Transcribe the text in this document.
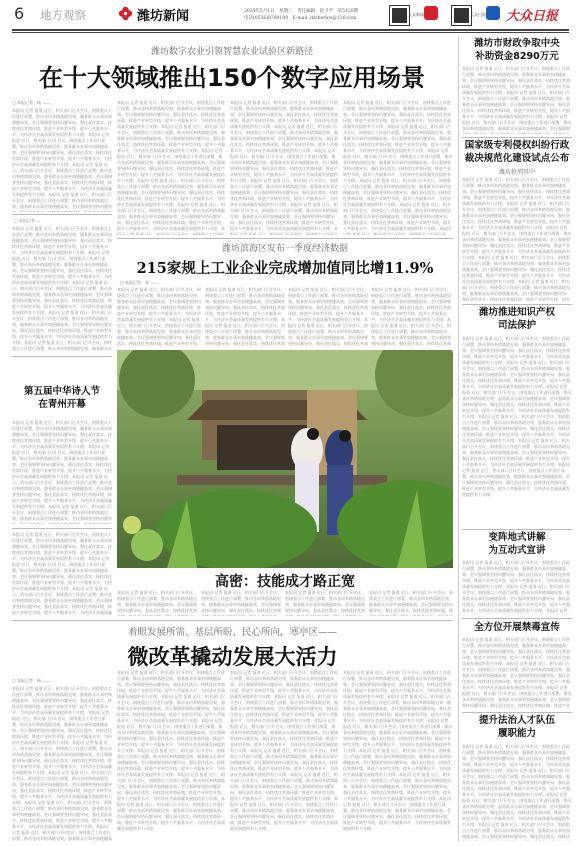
6 地方观察	潍坊新闻	2024年5月1日　星期三　责任编辑　赵卫平　第5120期
电话(0536)8789199　E-mail: dzrbwfxw@126.com
大众新闻	大众日报 大众日报
潍坊数字农业引领智慧农业试验区新路径
在十大领域推出150个数字应用场景
□ 本报记者　杨 ——
本报讯 记者 报道 近日，相关部门召开会议，围绕重点工作进行部署，推动各项举措落地见效，服务群众办事更加便捷高效。会议强调要坚持问题导向，强化责任落实，持续优化营商环境，推进产业转型升级，提升公共服务水平，为经济社会高质量发展提供有力支撑。本报讯 记者 报道 近日，相关部门召开会议，围绕重点工作进行部署，推动各项举措落地见效，服务群众办事更加便捷高效。会议强调要坚持问题导向，强化责任落实，持续优化营商环境，推进产业转型升级，提升公共服务水平，为经济社会高质量发展提供有力支撑。本报讯 记者 报道 近日，相关部门召开会议，围绕重点工作进行部署，推动各项举措落地见效，服务群众办事更加便捷高效。会议强调要坚持问题导向，强化责任落实，持续优化营商环境，推进产业转型升级，提升公共服务水平，为经济社会高质量发展提供有力支撑。本报讯 记者 报道 近日，相关部门召开会议，围绕重点工作进行部署，推动各项举措落地见效，服务群众办事更加便捷高效。会议强调要坚持问题导向，强化责任落实，持续优化营商环境，推进产业转型升级，提升公共服务水平，为经济社会高质量发展提供有力支撑。本报讯 记者 报道 近日，相关部门召开会议，围绕重点工作进行部署，推动各项举措落地见效，服务群众办事更加便捷高效。会议强调要坚持问题导向，强化责任落实，持续优化营商环境，推进产业转型升级，提升公共服务水平，为经济社会高质量发展提供有力支撑。本报讯 记者 报道 近日，相关部门召开会议，围绕重点工作进行部署，推动各项举措落地见效，服务群众办事更加便捷高效。会议强调要坚持问题导向，强化责任落实，持续优化营商环境，推进产业转型升级，提升公共服务水平，为经济社会高质量发展提供有力支撑。
本报讯 记者 报道 近日，相关部门召开会议，围绕重点工作进行部署，推动各项举措落地见效，服务群众办事更加便捷高效。会议强调要坚持问题导向，强化责任落实，持续优化营商环境，推进产业转型升级，提升公共服务水平，为经济社会高质量发展提供有力支撑。本报讯 记者 报道 近日，相关部门召开会议，围绕重点工作进行部署，推动各项举措落地见效，服务群众办事更加便捷高效。会议强调要坚持问题导向，强化责任落实，持续优化营商环境，推进产业转型升级，提升公共服务水平，为经济社会高质量发展提供有力支撑。本报讯 记者 报道 近日，相关部门召开会议，围绕重点工作进行部署，推动各项举措落地见效，服务群众办事更加便捷高效。会议强调要坚持问题导向，强化责任落实，持续优化营商环境，推进产业转型升级，提升公共服务水平，为经济社会高质量发展提供有力支撑。本报讯 记者 报道 近日，相关部门召开会议，围绕重点工作进行部署，推动各项举措落地见效，服务群众办事更加便捷高效。会议强调要坚持问题导向，强化责任落实，持续优化营商环境，推进产业转型升级，提升公共服务水平，为经济社会高质量发展提供有力支撑。本报讯 记者 报道 近日，相关部门召开会议，围绕重点工作进行部署，推动各项举措落地见效，服务群众办事更加便捷高效。会议强调要坚持问题导向，强化责任落实，持续优化营商环境，推进产业转型升级，提升公共服务水平，为经济社会高质量发展提供有力支撑。本报讯 记者 报道 近日，相关部门召开会议，围绕重点工作进行部署，推动各项举措落地见效，服务群众办事更加便捷高效。会议强调要坚持问题导向，强化责任落实，持续优化营商环境，推进产业转型升级，提升公共服务水平，为经济社会高质量发展提供有力支撑。
本报讯 记者 报道 近日，相关部门召开会议，围绕重点工作进行部署，推动各项举措落地见效，服务群众办事更加便捷高效。会议强调要坚持问题导向，强化责任落实，持续优化营商环境，推进产业转型升级，提升公共服务水平，为经济社会高质量发展提供有力支撑。本报讯 记者 报道 近日，相关部门召开会议，围绕重点工作进行部署，推动各项举措落地见效，服务群众办事更加便捷高效。会议强调要坚持问题导向，强化责任落实，持续优化营商环境，推进产业转型升级，提升公共服务水平，为经济社会高质量发展提供有力支撑。本报讯 记者 报道 近日，相关部门召开会议，围绕重点工作进行部署，推动各项举措落地见效，服务群众办事更加便捷高效。会议强调要坚持问题导向，强化责任落实，持续优化营商环境，推进产业转型升级，提升公共服务水平，为经济社会高质量发展提供有力支撑。本报讯 记者 报道 近日，相关部门召开会议，围绕重点工作进行部署，推动各项举措落地见效，服务群众办事更加便捷高效。会议强调要坚持问题导向，强化责任落实，持续优化营商环境，推进产业转型升级，提升公共服务水平，为经济社会高质量发展提供有力支撑。本报讯 记者 报道 近日，相关部门召开会议，围绕重点工作进行部署，推动各项举措落地见效，服务群众办事更加便捷高效。会议强调要坚持问题导向，强化责任落实，持续优化营商环境，推进产业转型升级，提升公共服务水平，为经济社会高质量发展提供有力支撑。本报讯 记者 报道 近日，相关部门召开会议，围绕重点工作进行部署，推动各项举措落地见效，服务群众办事更加便捷高效。会议强调要坚持问题导向，强化责任落实，持续优化营商环境，推进产业转型升级，提升公共服务水平，为经济社会高质量发展提供有力支撑。
本报讯 记者 报道 近日，相关部门召开会议，围绕重点工作进行部署，推动各项举措落地见效，服务群众办事更加便捷高效。会议强调要坚持问题导向，强化责任落实，持续优化营商环境，推进产业转型升级，提升公共服务水平，为经济社会高质量发展提供有力支撑。本报讯 记者 报道 近日，相关部门召开会议，围绕重点工作进行部署，推动各项举措落地见效，服务群众办事更加便捷高效。会议强调要坚持问题导向，强化责任落实，持续优化营商环境，推进产业转型升级，提升公共服务水平，为经济社会高质量发展提供有力支撑。本报讯 记者 报道 近日，相关部门召开会议，围绕重点工作进行部署，推动各项举措落地见效，服务群众办事更加便捷高效。会议强调要坚持问题导向，强化责任落实，持续优化营商环境，推进产业转型升级，提升公共服务水平，为经济社会高质量发展提供有力支撑。本报讯 记者 报道 近日，相关部门召开会议，围绕重点工作进行部署，推动各项举措落地见效，服务群众办事更加便捷高效。会议强调要坚持问题导向，强化责任落实，持续优化营商环境，推进产业转型升级，提升公共服务水平，为经济社会高质量发展提供有力支撑。本报讯 记者 报道 近日，相关部门召开会议，围绕重点工作进行部署，推动各项举措落地见效，服务群众办事更加便捷高效。会议强调要坚持问题导向，强化责任落实，持续优化营商环境，推进产业转型升级，提升公共服务水平，为经济社会高质量发展提供有力支撑。本报讯 记者 报道 近日，相关部门召开会议，围绕重点工作进行部署，推动各项举措落地见效，服务群众办事更加便捷高效。会议强调要坚持问题导向，强化责任落实，持续优化营商环境，推进产业转型升级，提升公共服务水平，为经济社会高质量发展提供有力支撑。
□ 本报记者 —
本报讯 记者 报道 近日，相关部门召开会议，围绕重点工作进行部署，推动各项举措落地见效，服务群众办事更加便捷高效。会议强调要坚持问题导向，强化责任落实，持续优化营商环境，推进产业转型升级，提升公共服务水平，为经济社会高质量发展提供有力支撑。本报讯 记者 报道 近日，相关部门召开会议，围绕重点工作进行部署，推动各项举措落地见效，服务群众办事更加便捷高效。会议强调要坚持问题导向，强化责任落实，持续优化营商环境，推进产业转型升级，提升公共服务水平，为经济社会高质量发展提供有力支撑。本报讯 记者 报道 近日，相关部门召开会议，围绕重点工作进行部署，推动各项举措落地见效，服务群众办事更加便捷高效。会议强调要坚持问题导向，强化责任落实，持续优化营商环境，推进产业转型升级，提升公共服务水平，为经济社会高质量发展提供有力支撑。本报讯 记者 报道 近日，相关部门召开会议，围绕重点工作进行部署，推动各项举措落地见效，服务群众办事更加便捷高效。会议强调要坚持问题导向，强化责任落实，持续优化营商环境，推进产业转型升级，提升公共服务水平，为经济社会高质量发展提供有力支撑。本报讯 记者 报道 近日，相关部门召开会议，围绕重点工作进行部署，推动各项举措落地见效，服务群众办事更加便捷高效。会议强调要坚持问题导向，强化责任落实，持续优化营商环境，推进产业转型升级，提升公共服务水平，为经济社会高质量发展提供有力支撑。本报讯 记者 报道 近日，相关部门召开会议，围绕重点工作进行部署，推动各项举措落地见效，服务群众办事更加便捷高效。会议强调要坚持问题导向，强化责任落实，持续优化营商环境，推进产业转型升级，提升公共服务水平，为经济社会高质量发展提供有力支撑。
潍坊滨海区发布一季度经济数据
215家规上工业企业完成增加值同比增11.9%
□ 本报记者　张 ——
本报讯 记者 报道 近日，相关部门召开会议，围绕重点工作进行部署，推动各项举措落地见效，服务群众办事更加便捷高效。会议强调要坚持问题导向，强化责任落实，持续优化营商环境，推进产业转型升级，提升公共服务水平，为经济社会高质量发展提供有力支撑。本报讯 记者 报道 近日，相关部门召开会议，围绕重点工作进行部署，推动各项举措落地见效，服务群众办事更加便捷高效。会议强调要坚持问题导向，强化责任落实，持续优化营商环境，推进产业转型升级，提升公共服务水平，为经济社会高质量发展提供有力支撑。本报讯 记者 报道 近日，相关部门召开会议，围绕重点工作进行部署，推动各项举措落地见效，服务群众办事更加便捷高效。会议强调要坚持问题导向，强化责任落实，持续优化营商环境，推进产业转型升级，提升公共服务水平，为经济社会高质量发展提供有力支撑。本报讯 记者 报道 近日，相关部门召开会议，围绕重点工作进行部署，推动各项举措落地见效，服务群众办事更加便捷高效。会议强调要坚持问题导向，强化责任落实，持续优化营商环境，推进产业转型升级，提升公共服务水平，为经济社会高质量发展提供有力支撑。本报讯 记者 报道 近日，相关部门召开会议，围绕重点工作进行部署，推动各项举措落地见效，服务群众办事更加便捷高效。会议强调要坚持问题导向，强化责任落实，持续优化营商环境，推进产业转型升级，提升公共服务水平，为经济社会高质量发展提供有力支撑。本报讯 记者 报道 近日，相关部门召开会议，围绕重点工作进行部署，推动各项举措落地见效，服务群众办事更加便捷高效。会议强调要坚持问题导向，强化责任落实，持续优化营商环境，推进产业转型升级，提升公共服务水平，为经济社会高质量发展提供有力支撑。
本报讯 记者 报道 近日，相关部门召开会议，围绕重点工作进行部署，推动各项举措落地见效，服务群众办事更加便捷高效。会议强调要坚持问题导向，强化责任落实，持续优化营商环境，推进产业转型升级，提升公共服务水平，为经济社会高质量发展提供有力支撑。本报讯 记者 报道 近日，相关部门召开会议，围绕重点工作进行部署，推动各项举措落地见效，服务群众办事更加便捷高效。会议强调要坚持问题导向，强化责任落实，持续优化营商环境，推进产业转型升级，提升公共服务水平，为经济社会高质量发展提供有力支撑。本报讯 记者 报道 近日，相关部门召开会议，围绕重点工作进行部署，推动各项举措落地见效，服务群众办事更加便捷高效。会议强调要坚持问题导向，强化责任落实，持续优化营商环境，推进产业转型升级，提升公共服务水平，为经济社会高质量发展提供有力支撑。本报讯 记者 报道 近日，相关部门召开会议，围绕重点工作进行部署，推动各项举措落地见效，服务群众办事更加便捷高效。会议强调要坚持问题导向，强化责任落实，持续优化营商环境，推进产业转型升级，提升公共服务水平，为经济社会高质量发展提供有力支撑。本报讯 记者 报道 近日，相关部门召开会议，围绕重点工作进行部署，推动各项举措落地见效，服务群众办事更加便捷高效。会议强调要坚持问题导向，强化责任落实，持续优化营商环境，推进产业转型升级，提升公共服务水平，为经济社会高质量发展提供有力支撑。本报讯 记者 报道 近日，相关部门召开会议，围绕重点工作进行部署，推动各项举措落地见效，服务群众办事更加便捷高效。会议强调要坚持问题导向，强化责任落实，持续优化营商环境，推进产业转型升级，提升公共服务水平，为经济社会高质量发展提供有力支撑。
本报讯 记者 报道 近日，相关部门召开会议，围绕重点工作进行部署，推动各项举措落地见效，服务群众办事更加便捷高效。会议强调要坚持问题导向，强化责任落实，持续优化营商环境，推进产业转型升级，提升公共服务水平，为经济社会高质量发展提供有力支撑。本报讯 记者 报道 近日，相关部门召开会议，围绕重点工作进行部署，推动各项举措落地见效，服务群众办事更加便捷高效。会议强调要坚持问题导向，强化责任落实，持续优化营商环境，推进产业转型升级，提升公共服务水平，为经济社会高质量发展提供有力支撑。本报讯 记者 报道 近日，相关部门召开会议，围绕重点工作进行部署，推动各项举措落地见效，服务群众办事更加便捷高效。会议强调要坚持问题导向，强化责任落实，持续优化营商环境，推进产业转型升级，提升公共服务水平，为经济社会高质量发展提供有力支撑。本报讯 记者 报道 近日，相关部门召开会议，围绕重点工作进行部署，推动各项举措落地见效，服务群众办事更加便捷高效。会议强调要坚持问题导向，强化责任落实，持续优化营商环境，推进产业转型升级，提升公共服务水平，为经济社会高质量发展提供有力支撑。本报讯 记者 报道 近日，相关部门召开会议，围绕重点工作进行部署，推动各项举措落地见效，服务群众办事更加便捷高效。会议强调要坚持问题导向，强化责任落实，持续优化营商环境，推进产业转型升级，提升公共服务水平，为经济社会高质量发展提供有力支撑。本报讯 记者 报道 近日，相关部门召开会议，围绕重点工作进行部署，推动各项举措落地见效，服务群众办事更加便捷高效。会议强调要坚持问题导向，强化责任落实，持续优化营商环境，推进产业转型升级，提升公共服务水平，为经济社会高质量发展提供有力支撑。
本报讯 记者 报道 近日，相关部门召开会议，围绕重点工作进行部署，推动各项举措落地见效，服务群众办事更加便捷高效。会议强调要坚持问题导向，强化责任落实，持续优化营商环境，推进产业转型升级，提升公共服务水平，为经济社会高质量发展提供有力支撑。本报讯 记者 报道 近日，相关部门召开会议，围绕重点工作进行部署，推动各项举措落地见效，服务群众办事更加便捷高效。会议强调要坚持问题导向，强化责任落实，持续优化营商环境，推进产业转型升级，提升公共服务水平，为经济社会高质量发展提供有力支撑。本报讯 记者 报道 近日，相关部门召开会议，围绕重点工作进行部署，推动各项举措落地见效，服务群众办事更加便捷高效。会议强调要坚持问题导向，强化责任落实，持续优化营商环境，推进产业转型升级，提升公共服务水平，为经济社会高质量发展提供有力支撑。本报讯 记者 报道 近日，相关部门召开会议，围绕重点工作进行部署，推动各项举措落地见效，服务群众办事更加便捷高效。会议强调要坚持问题导向，强化责任落实，持续优化营商环境，推进产业转型升级，提升公共服务水平，为经济社会高质量发展提供有力支撑。本报讯 记者 报道 近日，相关部门召开会议，围绕重点工作进行部署，推动各项举措落地见效，服务群众办事更加便捷高效。会议强调要坚持问题导向，强化责任落实，持续优化营商环境，推进产业转型升级，提升公共服务水平，为经济社会高质量发展提供有力支撑。本报讯 记者 报道 近日，相关部门召开会议，围绕重点工作进行部署，推动各项举措落地见效，服务群众办事更加便捷高效。会议强调要坚持问题导向，强化责任落实，持续优化营商环境，推进产业转型升级，提升公共服务水平，为经济社会高质量发展提供有力支撑。
高密：技能成才路正宽
本报讯 记者 报道 近日，相关部门召开会议，围绕重点工作进行部署，推动各项举措落地见效，服务群众办事更加便捷高效。会议强调要坚持问题导向，强化责任落实，持续优化营商环境，推进产业转型升级，提升公共服务水平，为经济社会高质量发展提供有力支撑。本报讯 记者 报道 近日，相关部门召开会议，围绕重点工作进行部署，推动各项举措落地见效，服务群众办事更加便捷高效。会议强调要坚持问题导向，强化责任落实，持续优化营商环境，推进产业转型升级，提升公共服务水平，为经济社会高质量发展提供有力支撑。本报讯 记者 报道 近日，相关部门召开会议，围绕重点工作进行部署，推动各项举措落地见效，服务群众办事更加便捷高效。会议强调要坚持问题导向，强化责任落实，持续优化营商环境，推进产业转型升级，提升公共服务水平，为经济社会高质量发展提供有力支撑。本报讯 记者 报道 近日，相关部门召开会议，围绕重点工作进行部署，推动各项举措落地见效，服务群众办事更加便捷高效。会议强调要坚持问题导向，强化责任落实，持续优化营商环境，推进产业转型升级，提升公共服务水平，为经济社会高质量发展提供有力支撑。本报讯 记者 报道 近日，相关部门召开会议，围绕重点工作进行部署，推动各项举措落地见效，服务群众办事更加便捷高效。会议强调要坚持问题导向，强化责任落实，持续优化营商环境，推进产业转型升级，提升公共服务水平，为经济社会高质量发展提供有力支撑。本报讯 记者 报道 近日，相关部门召开会议，围绕重点工作进行部署，推动各项举措落地见效，服务群众办事更加便捷高效。会议强调要坚持问题导向，强化责任落实，持续优化营商环境，推进产业转型升级，提升公共服务水平，为经济社会高质量发展提供有力支撑。
本报讯 记者 报道 近日，相关部门召开会议，围绕重点工作进行部署，推动各项举措落地见效，服务群众办事更加便捷高效。会议强调要坚持问题导向，强化责任落实，持续优化营商环境，推进产业转型升级，提升公共服务水平，为经济社会高质量发展提供有力支撑。本报讯 记者 报道 近日，相关部门召开会议，围绕重点工作进行部署，推动各项举措落地见效，服务群众办事更加便捷高效。会议强调要坚持问题导向，强化责任落实，持续优化营商环境，推进产业转型升级，提升公共服务水平，为经济社会高质量发展提供有力支撑。本报讯 记者 报道 近日，相关部门召开会议，围绕重点工作进行部署，推动各项举措落地见效，服务群众办事更加便捷高效。会议强调要坚持问题导向，强化责任落实，持续优化营商环境，推进产业转型升级，提升公共服务水平，为经济社会高质量发展提供有力支撑。本报讯 记者 报道 近日，相关部门召开会议，围绕重点工作进行部署，推动各项举措落地见效，服务群众办事更加便捷高效。会议强调要坚持问题导向，强化责任落实，持续优化营商环境，推进产业转型升级，提升公共服务水平，为经济社会高质量发展提供有力支撑。本报讯 记者 报道 近日，相关部门召开会议，围绕重点工作进行部署，推动各项举措落地见效，服务群众办事更加便捷高效。会议强调要坚持问题导向，强化责任落实，持续优化营商环境，推进产业转型升级，提升公共服务水平，为经济社会高质量发展提供有力支撑。本报讯 记者 报道 近日，相关部门召开会议，围绕重点工作进行部署，推动各项举措落地见效，服务群众办事更加便捷高效。会议强调要坚持问题导向，强化责任落实，持续优化营商环境，推进产业转型升级，提升公共服务水平，为经济社会高质量发展提供有力支撑。
本报讯 记者 报道 近日，相关部门召开会议，围绕重点工作进行部署，推动各项举措落地见效，服务群众办事更加便捷高效。会议强调要坚持问题导向，强化责任落实，持续优化营商环境，推进产业转型升级，提升公共服务水平，为经济社会高质量发展提供有力支撑。本报讯 记者 报道 近日，相关部门召开会议，围绕重点工作进行部署，推动各项举措落地见效，服务群众办事更加便捷高效。会议强调要坚持问题导向，强化责任落实，持续优化营商环境，推进产业转型升级，提升公共服务水平，为经济社会高质量发展提供有力支撑。本报讯 记者 报道 近日，相关部门召开会议，围绕重点工作进行部署，推动各项举措落地见效，服务群众办事更加便捷高效。会议强调要坚持问题导向，强化责任落实，持续优化营商环境，推进产业转型升级，提升公共服务水平，为经济社会高质量发展提供有力支撑。本报讯 记者 报道 近日，相关部门召开会议，围绕重点工作进行部署，推动各项举措落地见效，服务群众办事更加便捷高效。会议强调要坚持问题导向，强化责任落实，持续优化营商环境，推进产业转型升级，提升公共服务水平，为经济社会高质量发展提供有力支撑。本报讯 记者 报道 近日，相关部门召开会议，围绕重点工作进行部署，推动各项举措落地见效，服务群众办事更加便捷高效。会议强调要坚持问题导向，强化责任落实，持续优化营商环境，推进产业转型升级，提升公共服务水平，为经济社会高质量发展提供有力支撑。本报讯 记者 报道 近日，相关部门召开会议，围绕重点工作进行部署，推动各项举措落地见效，服务群众办事更加便捷高效。会议强调要坚持问题导向，强化责任落实，持续优化营商环境，推进产业转型升级，提升公共服务水平，为经济社会高质量发展提供有力支撑。
本报讯 记者 报道 近日，相关部门召开会议，围绕重点工作进行部署，推动各项举措落地见效，服务群众办事更加便捷高效。会议强调要坚持问题导向，强化责任落实，持续优化营商环境，推进产业转型升级，提升公共服务水平，为经济社会高质量发展提供有力支撑。本报讯 记者 报道 近日，相关部门召开会议，围绕重点工作进行部署，推动各项举措落地见效，服务群众办事更加便捷高效。会议强调要坚持问题导向，强化责任落实，持续优化营商环境，推进产业转型升级，提升公共服务水平，为经济社会高质量发展提供有力支撑。本报讯 记者 报道 近日，相关部门召开会议，围绕重点工作进行部署，推动各项举措落地见效，服务群众办事更加便捷高效。会议强调要坚持问题导向，强化责任落实，持续优化营商环境，推进产业转型升级，提升公共服务水平，为经济社会高质量发展提供有力支撑。本报讯 记者 报道 近日，相关部门召开会议，围绕重点工作进行部署，推动各项举措落地见效，服务群众办事更加便捷高效。会议强调要坚持问题导向，强化责任落实，持续优化营商环境，推进产业转型升级，提升公共服务水平，为经济社会高质量发展提供有力支撑。本报讯 记者 报道 近日，相关部门召开会议，围绕重点工作进行部署，推动各项举措落地见效，服务群众办事更加便捷高效。会议强调要坚持问题导向，强化责任落实，持续优化营商环境，推进产业转型升级，提升公共服务水平，为经济社会高质量发展提供有力支撑。本报讯 记者 报道 近日，相关部门召开会议，围绕重点工作进行部署，推动各项举措落地见效，服务群众办事更加便捷高效。会议强调要坚持问题导向，强化责任落实，持续优化营商环境，推进产业转型升级，提升公共服务水平，为经济社会高质量发展提供有力支撑。
第五届中华诗人节
在青州开幕
本报讯 记者 报道 近日，相关部门召开会议，围绕重点工作进行部署，推动各项举措落地见效，服务群众办事更加便捷高效。会议强调要坚持问题导向，强化责任落实，持续优化营商环境，推进产业转型升级，提升公共服务水平，为经济社会高质量发展提供有力支撑。本报讯 记者 报道 近日，相关部门召开会议，围绕重点工作进行部署，推动各项举措落地见效，服务群众办事更加便捷高效。会议强调要坚持问题导向，强化责任落实，持续优化营商环境，推进产业转型升级，提升公共服务水平，为经济社会高质量发展提供有力支撑。本报讯 记者 报道 近日，相关部门召开会议，围绕重点工作进行部署，推动各项举措落地见效，服务群众办事更加便捷高效。会议强调要坚持问题导向，强化责任落实，持续优化营商环境，推进产业转型升级，提升公共服务水平，为经济社会高质量发展提供有力支撑。本报讯 记者 报道 近日，相关部门召开会议，围绕重点工作进行部署，推动各项举措落地见效，服务群众办事更加便捷高效。会议强调要坚持问题导向，强化责任落实，持续优化营商环境，推进产业转型升级，提升公共服务水平，为经济社会高质量发展提供有力支撑。本报讯 记者 报道 近日，相关部门召开会议，围绕重点工作进行部署，推动各项举措落地见效，服务群众办事更加便捷高效。会议强调要坚持问题导向，强化责任落实，持续优化营商环境，推进产业转型升级，提升公共服务水平，为经济社会高质量发展提供有力支撑。本报讯 记者 报道 近日，相关部门召开会议，围绕重点工作进行部署，推动各项举措落地见效，服务群众办事更加便捷高效。会议强调要坚持问题导向，强化责任落实，持续优化营商环境，推进产业转型升级，提升公共服务水平，为经济社会高质量发展提供有力支撑。
本报讯 记者 报道 近日，相关部门召开会议，围绕重点工作进行部署，推动各项举措落地见效，服务群众办事更加便捷高效。会议强调要坚持问题导向，强化责任落实，持续优化营商环境，推进产业转型升级，提升公共服务水平，为经济社会高质量发展提供有力支撑。本报讯 记者 报道 近日，相关部门召开会议，围绕重点工作进行部署，推动各项举措落地见效，服务群众办事更加便捷高效。会议强调要坚持问题导向，强化责任落实，持续优化营商环境，推进产业转型升级，提升公共服务水平，为经济社会高质量发展提供有力支撑。本报讯 记者 报道 近日，相关部门召开会议，围绕重点工作进行部署，推动各项举措落地见效，服务群众办事更加便捷高效。会议强调要坚持问题导向，强化责任落实，持续优化营商环境，推进产业转型升级，提升公共服务水平，为经济社会高质量发展提供有力支撑。本报讯 记者 报道 近日，相关部门召开会议，围绕重点工作进行部署，推动各项举措落地见效，服务群众办事更加便捷高效。会议强调要坚持问题导向，强化责任落实，持续优化营商环境，推进产业转型升级，提升公共服务水平，为经济社会高质量发展提供有力支撑。本报讯 记者 报道 近日，相关部门召开会议，围绕重点工作进行部署，推动各项举措落地见效，服务群众办事更加便捷高效。会议强调要坚持问题导向，强化责任落实，持续优化营商环境，推进产业转型升级，提升公共服务水平，为经济社会高质量发展提供有力支撑。本报讯 记者 报道 近日，相关部门召开会议，围绕重点工作进行部署，推动各项举措落地见效，服务群众办事更加便捷高效。会议强调要坚持问题导向，强化责任落实，持续优化营商环境，推进产业转型升级，提升公共服务水平，为经济社会高质量发展提供有力支撑。
着眼发展所需、基层所盼、民心所向，寒亭区——
微改革撬动发展大活力
□ 本报记者　杨 ——
本报讯 记者 报道 近日，相关部门召开会议，围绕重点工作进行部署，推动各项举措落地见效，服务群众办事更加便捷高效。会议强调要坚持问题导向，强化责任落实，持续优化营商环境，推进产业转型升级，提升公共服务水平，为经济社会高质量发展提供有力支撑。本报讯 记者 报道 近日，相关部门召开会议，围绕重点工作进行部署，推动各项举措落地见效，服务群众办事更加便捷高效。会议强调要坚持问题导向，强化责任落实，持续优化营商环境，推进产业转型升级，提升公共服务水平，为经济社会高质量发展提供有力支撑。本报讯 记者 报道 近日，相关部门召开会议，围绕重点工作进行部署，推动各项举措落地见效，服务群众办事更加便捷高效。会议强调要坚持问题导向，强化责任落实，持续优化营商环境，推进产业转型升级，提升公共服务水平，为经济社会高质量发展提供有力支撑。本报讯 记者 报道 近日，相关部门召开会议，围绕重点工作进行部署，推动各项举措落地见效，服务群众办事更加便捷高效。会议强调要坚持问题导向，强化责任落实，持续优化营商环境，推进产业转型升级，提升公共服务水平，为经济社会高质量发展提供有力支撑。本报讯 记者 报道 近日，相关部门召开会议，围绕重点工作进行部署，推动各项举措落地见效，服务群众办事更加便捷高效。会议强调要坚持问题导向，强化责任落实，持续优化营商环境，推进产业转型升级，提升公共服务水平，为经济社会高质量发展提供有力支撑。本报讯 记者 报道 近日，相关部门召开会议，围绕重点工作进行部署，推动各项举措落地见效，服务群众办事更加便捷高效。会议强调要坚持问题导向，强化责任落实，持续优化营商环境，推进产业转型升级，提升公共服务水平，为经济社会高质量发展提供有力支撑。
本报讯 记者 报道 近日，相关部门召开会议，围绕重点工作进行部署，推动各项举措落地见效，服务群众办事更加便捷高效。会议强调要坚持问题导向，强化责任落实，持续优化营商环境，推进产业转型升级，提升公共服务水平，为经济社会高质量发展提供有力支撑。本报讯 记者 报道 近日，相关部门召开会议，围绕重点工作进行部署，推动各项举措落地见效，服务群众办事更加便捷高效。会议强调要坚持问题导向，强化责任落实，持续优化营商环境，推进产业转型升级，提升公共服务水平，为经济社会高质量发展提供有力支撑。本报讯 记者 报道 近日，相关部门召开会议，围绕重点工作进行部署，推动各项举措落地见效，服务群众办事更加便捷高效。会议强调要坚持问题导向，强化责任落实，持续优化营商环境，推进产业转型升级，提升公共服务水平，为经济社会高质量发展提供有力支撑。本报讯 记者 报道 近日，相关部门召开会议，围绕重点工作进行部署，推动各项举措落地见效，服务群众办事更加便捷高效。会议强调要坚持问题导向，强化责任落实，持续优化营商环境，推进产业转型升级，提升公共服务水平，为经济社会高质量发展提供有力支撑。本报讯 记者 报道 近日，相关部门召开会议，围绕重点工作进行部署，推动各项举措落地见效，服务群众办事更加便捷高效。会议强调要坚持问题导向，强化责任落实，持续优化营商环境，推进产业转型升级，提升公共服务水平，为经济社会高质量发展提供有力支撑。本报讯 记者 报道 近日，相关部门召开会议，围绕重点工作进行部署，推动各项举措落地见效，服务群众办事更加便捷高效。会议强调要坚持问题导向，强化责任落实，持续优化营商环境，推进产业转型升级，提升公共服务水平，为经济社会高质量发展提供有力支撑。
本报讯 记者 报道 近日，相关部门召开会议，围绕重点工作进行部署，推动各项举措落地见效，服务群众办事更加便捷高效。会议强调要坚持问题导向，强化责任落实，持续优化营商环境，推进产业转型升级，提升公共服务水平，为经济社会高质量发展提供有力支撑。本报讯 记者 报道 近日，相关部门召开会议，围绕重点工作进行部署，推动各项举措落地见效，服务群众办事更加便捷高效。会议强调要坚持问题导向，强化责任落实，持续优化营商环境，推进产业转型升级，提升公共服务水平，为经济社会高质量发展提供有力支撑。本报讯 记者 报道 近日，相关部门召开会议，围绕重点工作进行部署，推动各项举措落地见效，服务群众办事更加便捷高效。会议强调要坚持问题导向，强化责任落实，持续优化营商环境，推进产业转型升级，提升公共服务水平，为经济社会高质量发展提供有力支撑。本报讯 记者 报道 近日，相关部门召开会议，围绕重点工作进行部署，推动各项举措落地见效，服务群众办事更加便捷高效。会议强调要坚持问题导向，强化责任落实，持续优化营商环境，推进产业转型升级，提升公共服务水平，为经济社会高质量发展提供有力支撑。本报讯 记者 报道 近日，相关部门召开会议，围绕重点工作进行部署，推动各项举措落地见效，服务群众办事更加便捷高效。会议强调要坚持问题导向，强化责任落实，持续优化营商环境，推进产业转型升级，提升公共服务水平，为经济社会高质量发展提供有力支撑。本报讯 记者 报道 近日，相关部门召开会议，围绕重点工作进行部署，推动各项举措落地见效，服务群众办事更加便捷高效。会议强调要坚持问题导向，强化责任落实，持续优化营商环境，推进产业转型升级，提升公共服务水平，为经济社会高质量发展提供有力支撑。
本报讯 记者 报道 近日，相关部门召开会议，围绕重点工作进行部署，推动各项举措落地见效，服务群众办事更加便捷高效。会议强调要坚持问题导向，强化责任落实，持续优化营商环境，推进产业转型升级，提升公共服务水平，为经济社会高质量发展提供有力支撑。本报讯 记者 报道 近日，相关部门召开会议，围绕重点工作进行部署，推动各项举措落地见效，服务群众办事更加便捷高效。会议强调要坚持问题导向，强化责任落实，持续优化营商环境，推进产业转型升级，提升公共服务水平，为经济社会高质量发展提供有力支撑。本报讯 记者 报道 近日，相关部门召开会议，围绕重点工作进行部署，推动各项举措落地见效，服务群众办事更加便捷高效。会议强调要坚持问题导向，强化责任落实，持续优化营商环境，推进产业转型升级，提升公共服务水平，为经济社会高质量发展提供有力支撑。本报讯 记者 报道 近日，相关部门召开会议，围绕重点工作进行部署，推动各项举措落地见效，服务群众办事更加便捷高效。会议强调要坚持问题导向，强化责任落实，持续优化营商环境，推进产业转型升级，提升公共服务水平，为经济社会高质量发展提供有力支撑。本报讯 记者 报道 近日，相关部门召开会议，围绕重点工作进行部署，推动各项举措落地见效，服务群众办事更加便捷高效。会议强调要坚持问题导向，强化责任落实，持续优化营商环境，推进产业转型升级，提升公共服务水平，为经济社会高质量发展提供有力支撑。本报讯 记者 报道 近日，相关部门召开会议，围绕重点工作进行部署，推动各项举措落地见效，服务群众办事更加便捷高效。会议强调要坚持问题导向，强化责任落实，持续优化营商环境，推进产业转型升级，提升公共服务水平，为经济社会高质量发展提供有力支撑。
潍坊市财政争取中央
补助资金8290万元
本报讯 记者 报道 近日，相关部门召开会议，围绕重点工作进行部署，推动各项举措落地见效，服务群众办事更加便捷高效。会议强调要坚持问题导向，强化责任落实，持续优化营商环境，推进产业转型升级，提升公共服务水平，为经济社会高质量发展提供有力支撑。本报讯 记者 报道 近日，相关部门召开会议，围绕重点工作进行部署，推动各项举措落地见效，服务群众办事更加便捷高效。会议强调要坚持问题导向，强化责任落实，持续优化营商环境，推进产业转型升级，提升公共服务水平，为经济社会高质量发展提供有力支撑。本报讯 记者 报道 近日，相关部门召开会议，围绕重点工作进行部署，推动各项举措落地见效，服务群众办事更加便捷高效。会议强调要坚持问题导向，强化责任落实，持续优化营商环境，推进产业转型升级，提升公共服务水平，为经济社会高质量发展提供有力支撑。本报讯 记者 报道 近日，相关部门召开会议，围绕重点工作进行部署，推动各项举措落地见效，服务群众办事更加便捷高效。会议强调要坚持问题导向，强化责任落实，持续优化营商环境，推进产业转型升级，提升公共服务水平，为经济社会高质量发展提供有力支撑。本报讯 记者 报道 近日，相关部门召开会议，围绕重点工作进行部署，推动各项举措落地见效，服务群众办事更加便捷高效。会议强调要坚持问题导向，强化责任落实，持续优化营商环境，推进产业转型升级，提升公共服务水平，为经济社会高质量发展提供有力支撑。本报讯 记者 报道 近日，相关部门召开会议，围绕重点工作进行部署，推动各项举措落地见效，服务群众办事更加便捷高效。会议强调要坚持问题导向，强化责任落实，持续优化营商环境，推进产业转型升级，提升公共服务水平，为经济社会高质量发展提供有力支撑。
国家级专利侵权纠纷行政
裁决规范化建设试点公布
潍坊位列其中
本报讯 记者 报道 近日，相关部门召开会议，围绕重点工作进行部署，推动各项举措落地见效，服务群众办事更加便捷高效。会议强调要坚持问题导向，强化责任落实，持续优化营商环境，推进产业转型升级，提升公共服务水平，为经济社会高质量发展提供有力支撑。本报讯 记者 报道 近日，相关部门召开会议，围绕重点工作进行部署，推动各项举措落地见效，服务群众办事更加便捷高效。会议强调要坚持问题导向，强化责任落实，持续优化营商环境，推进产业转型升级，提升公共服务水平，为经济社会高质量发展提供有力支撑。本报讯 记者 报道 近日，相关部门召开会议，围绕重点工作进行部署，推动各项举措落地见效，服务群众办事更加便捷高效。会议强调要坚持问题导向，强化责任落实，持续优化营商环境，推进产业转型升级，提升公共服务水平，为经济社会高质量发展提供有力支撑。本报讯 记者 报道 近日，相关部门召开会议，围绕重点工作进行部署，推动各项举措落地见效，服务群众办事更加便捷高效。会议强调要坚持问题导向，强化责任落实，持续优化营商环境，推进产业转型升级，提升公共服务水平，为经济社会高质量发展提供有力支撑。本报讯 记者 报道 近日，相关部门召开会议，围绕重点工作进行部署，推动各项举措落地见效，服务群众办事更加便捷高效。会议强调要坚持问题导向，强化责任落实，持续优化营商环境，推进产业转型升级，提升公共服务水平，为经济社会高质量发展提供有力支撑。本报讯 记者 报道 近日，相关部门召开会议，围绕重点工作进行部署，推动各项举措落地见效，服务群众办事更加便捷高效。会议强调要坚持问题导向，强化责任落实，持续优化营商环境，推进产业转型升级，提升公共服务水平，为经济社会高质量发展提供有力支撑。
潍坊推进知识产权
司法保护
本报讯 记者 报道 近日，相关部门召开会议，围绕重点工作进行部署，推动各项举措落地见效，服务群众办事更加便捷高效。会议强调要坚持问题导向，强化责任落实，持续优化营商环境，推进产业转型升级，提升公共服务水平，为经济社会高质量发展提供有力支撑。本报讯 记者 报道 近日，相关部门召开会议，围绕重点工作进行部署，推动各项举措落地见效，服务群众办事更加便捷高效。会议强调要坚持问题导向，强化责任落实，持续优化营商环境，推进产业转型升级，提升公共服务水平，为经济社会高质量发展提供有力支撑。本报讯 记者 报道 近日，相关部门召开会议，围绕重点工作进行部署，推动各项举措落地见效，服务群众办事更加便捷高效。会议强调要坚持问题导向，强化责任落实，持续优化营商环境，推进产业转型升级，提升公共服务水平，为经济社会高质量发展提供有力支撑。本报讯 记者 报道 近日，相关部门召开会议，围绕重点工作进行部署，推动各项举措落地见效，服务群众办事更加便捷高效。会议强调要坚持问题导向，强化责任落实，持续优化营商环境，推进产业转型升级，提升公共服务水平，为经济社会高质量发展提供有力支撑。本报讯 记者 报道 近日，相关部门召开会议，围绕重点工作进行部署，推动各项举措落地见效，服务群众办事更加便捷高效。会议强调要坚持问题导向，强化责任落实，持续优化营商环境，推进产业转型升级，提升公共服务水平，为经济社会高质量发展提供有力支撑。本报讯 记者 报道 近日，相关部门召开会议，围绕重点工作进行部署，推动各项举措落地见效，服务群众办事更加便捷高效。会议强调要坚持问题导向，强化责任落实，持续优化营商环境，推进产业转型升级，提升公共服务水平，为经济社会高质量发展提供有力支撑。
变阵地式讲解
为互动式宣讲
本报讯 记者 报道 近日，相关部门召开会议，围绕重点工作进行部署，推动各项举措落地见效，服务群众办事更加便捷高效。会议强调要坚持问题导向，强化责任落实，持续优化营商环境，推进产业转型升级，提升公共服务水平，为经济社会高质量发展提供有力支撑。本报讯 记者 报道 近日，相关部门召开会议，围绕重点工作进行部署，推动各项举措落地见效，服务群众办事更加便捷高效。会议强调要坚持问题导向，强化责任落实，持续优化营商环境，推进产业转型升级，提升公共服务水平，为经济社会高质量发展提供有力支撑。本报讯 记者 报道 近日，相关部门召开会议，围绕重点工作进行部署，推动各项举措落地见效，服务群众办事更加便捷高效。会议强调要坚持问题导向，强化责任落实，持续优化营商环境，推进产业转型升级，提升公共服务水平，为经济社会高质量发展提供有力支撑。本报讯 记者 报道 近日，相关部门召开会议，围绕重点工作进行部署，推动各项举措落地见效，服务群众办事更加便捷高效。会议强调要坚持问题导向，强化责任落实，持续优化营商环境，推进产业转型升级，提升公共服务水平，为经济社会高质量发展提供有力支撑。本报讯 记者 报道 近日，相关部门召开会议，围绕重点工作进行部署，推动各项举措落地见效，服务群众办事更加便捷高效。会议强调要坚持问题导向，强化责任落实，持续优化营商环境，推进产业转型升级，提升公共服务水平，为经济社会高质量发展提供有力支撑。本报讯 记者 报道 近日，相关部门召开会议，围绕重点工作进行部署，推动各项举措落地见效，服务群众办事更加便捷高效。会议强调要坚持问题导向，强化责任落实，持续优化营商环境，推进产业转型升级，提升公共服务水平，为经济社会高质量发展提供有力支撑。
全方位开展禁毒宣传
本报讯 记者 报道 近日，相关部门召开会议，围绕重点工作进行部署，推动各项举措落地见效，服务群众办事更加便捷高效。会议强调要坚持问题导向，强化责任落实，持续优化营商环境，推进产业转型升级，提升公共服务水平，为经济社会高质量发展提供有力支撑。本报讯 记者 报道 近日，相关部门召开会议，围绕重点工作进行部署，推动各项举措落地见效，服务群众办事更加便捷高效。会议强调要坚持问题导向，强化责任落实，持续优化营商环境，推进产业转型升级，提升公共服务水平，为经济社会高质量发展提供有力支撑。本报讯 记者 报道 近日，相关部门召开会议，围绕重点工作进行部署，推动各项举措落地见效，服务群众办事更加便捷高效。会议强调要坚持问题导向，强化责任落实，持续优化营商环境，推进产业转型升级，提升公共服务水平，为经济社会高质量发展提供有力支撑。本报讯 记者 报道 近日，相关部门召开会议，围绕重点工作进行部署，推动各项举措落地见效，服务群众办事更加便捷高效。会议强调要坚持问题导向，强化责任落实，持续优化营商环境，推进产业转型升级，提升公共服务水平，为经济社会高质量发展提供有力支撑。本报讯 记者 报道 近日，相关部门召开会议，围绕重点工作进行部署，推动各项举措落地见效，服务群众办事更加便捷高效。会议强调要坚持问题导向，强化责任落实，持续优化营商环境，推进产业转型升级，提升公共服务水平，为经济社会高质量发展提供有力支撑。本报讯 记者 报道 近日，相关部门召开会议，围绕重点工作进行部署，推动各项举措落地见效，服务群众办事更加便捷高效。会议强调要坚持问题导向，强化责任落实，持续优化营商环境，推进产业转型升级，提升公共服务水平，为经济社会高质量发展提供有力支撑。
提升法治人才队伍
履职能力
本报讯 记者 报道 近日，相关部门召开会议，围绕重点工作进行部署，推动各项举措落地见效，服务群众办事更加便捷高效。会议强调要坚持问题导向，强化责任落实，持续优化营商环境，推进产业转型升级，提升公共服务水平，为经济社会高质量发展提供有力支撑。本报讯 记者 报道 近日，相关部门召开会议，围绕重点工作进行部署，推动各项举措落地见效，服务群众办事更加便捷高效。会议强调要坚持问题导向，强化责任落实，持续优化营商环境，推进产业转型升级，提升公共服务水平，为经济社会高质量发展提供有力支撑。本报讯 记者 报道 近日，相关部门召开会议，围绕重点工作进行部署，推动各项举措落地见效，服务群众办事更加便捷高效。会议强调要坚持问题导向，强化责任落实，持续优化营商环境，推进产业转型升级，提升公共服务水平，为经济社会高质量发展提供有力支撑。本报讯 记者 报道 近日，相关部门召开会议，围绕重点工作进行部署，推动各项举措落地见效，服务群众办事更加便捷高效。会议强调要坚持问题导向，强化责任落实，持续优化营商环境，推进产业转型升级，提升公共服务水平，为经济社会高质量发展提供有力支撑。本报讯 记者 报道 近日，相关部门召开会议，围绕重点工作进行部署，推动各项举措落地见效，服务群众办事更加便捷高效。会议强调要坚持问题导向，强化责任落实，持续优化营商环境，推进产业转型升级，提升公共服务水平，为经济社会高质量发展提供有力支撑。本报讯 记者 报道 近日，相关部门召开会议，围绕重点工作进行部署，推动各项举措落地见效，服务群众办事更加便捷高效。会议强调要坚持问题导向，强化责任落实，持续优化营商环境，推进产业转型升级，提升公共服务水平，为经济社会高质量发展提供有力支撑。
